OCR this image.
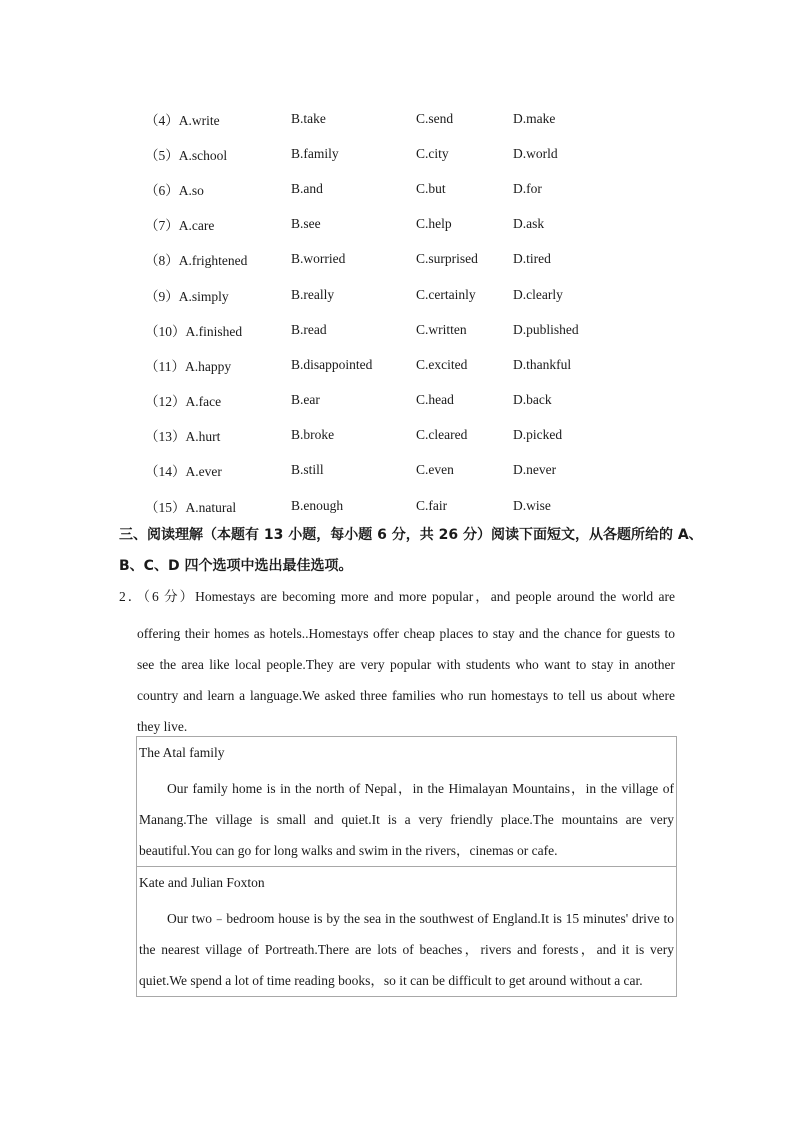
（4）A.write	B.take	C.send	D.make
（5）A.school	B.family	C.city	D.world
（6）A.so	B.and	C.but	D.for
（7）A.care	B.see	C.help	D.ask
（8）A.frightened	B.worried	C.surprised	D.tired
（9）A.simply	B.really	C.certainly	D.clearly
（10）A.finished	B.read	C.written	D.published
（11）A.happy	B.disappointed	C.excited	D.thankful
（12）A.face	B.ear	C.head	D.back
（13）A.hurt	B.broke	C.cleared	D.picked
（14）A.ever	B.still	C.even	D.never
（15）A.natural	B.enough	C.fair	D.wise
三、阅读理解（本题有 13 小题，每小题 6 分，共 26 分）阅读下面短文，从各题所给的 A、
B、C、D 四个选项中选出最佳选项。
2．（6 分）Homestays are becoming more and more popular，and people around the world are

offering their homes as hotels..Homestays offer cheap places to stay and the chance for guests to see the area like local people.They are very popular with students who want to stay in another country and learn a language.We asked three families who run homestays to tell us about where they live.

The Atal family

Our family home is in the north of Nepal，in the Himalayan Mountains，in the village of Manang.The village is small and quiet.It is a very friendly place.The mountains are very beautiful.You can go for long walks and swim in the rivers，cinemas or cafe.

Kate and Julian Foxton

Our two﹣bedroom house is by the sea in the southwest of England.It is 15 minutes' drive to the nearest village of Portreath.There are lots of beaches，rivers and forests，and it is very quiet.We spend a lot of time reading books，so it can be difficult to get around without a car.
